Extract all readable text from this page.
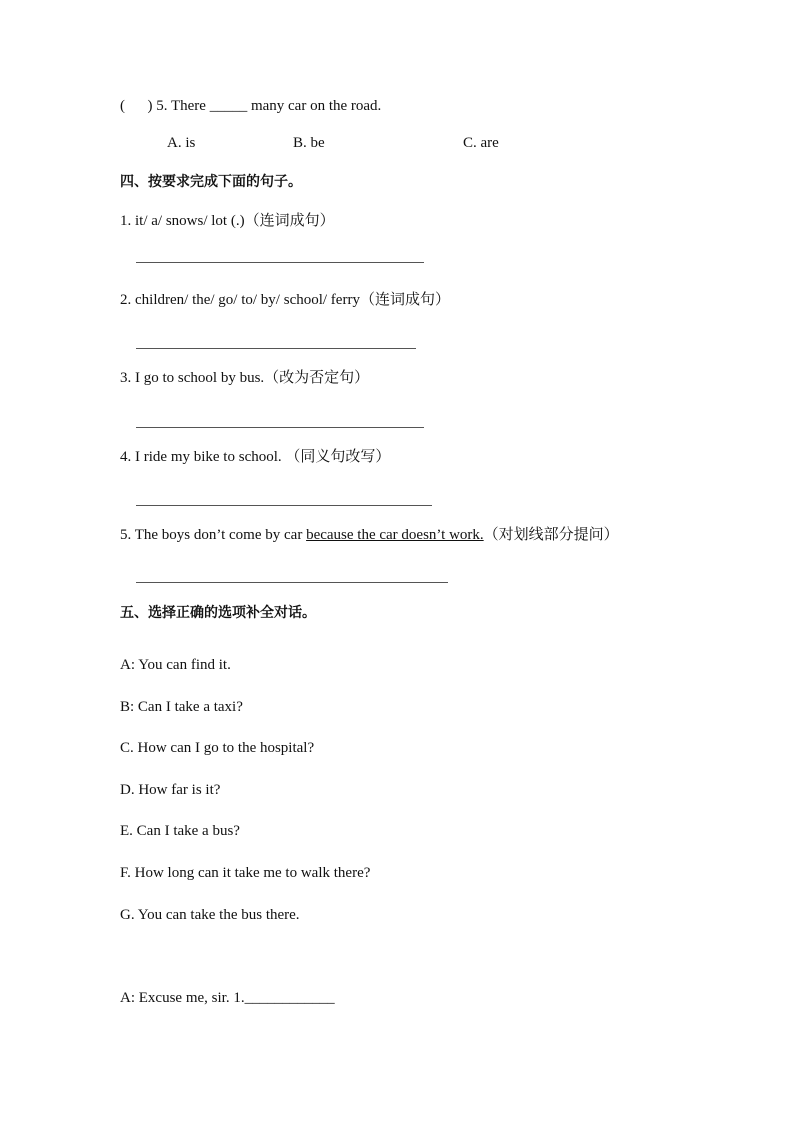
(      ) 5. There _____ many car on the road.
A. is	B. be	C. are
四、按要求完成下面的句子。
1. it/ a/ snows/ lot (.)（连词成句）
2. children/ the/ go/ to/ by/ school/ ferry（连词成句）
3. I go to school by bus.（改为否定句）
4. I ride my bike to school. （同义句改写）
5. The boys don’t come by car because the car doesn’t work.（对划线部分提问）
五、选择正确的选项补全对话。
A: You can find it.
B: Can I take a taxi?
C. How can I go to the hospital?
D. How far is it?
E. Can I take a bus?
F. How long can it take me to walk there?
G. You can take the bus there.
A: Excuse me, sir. 1.____________
